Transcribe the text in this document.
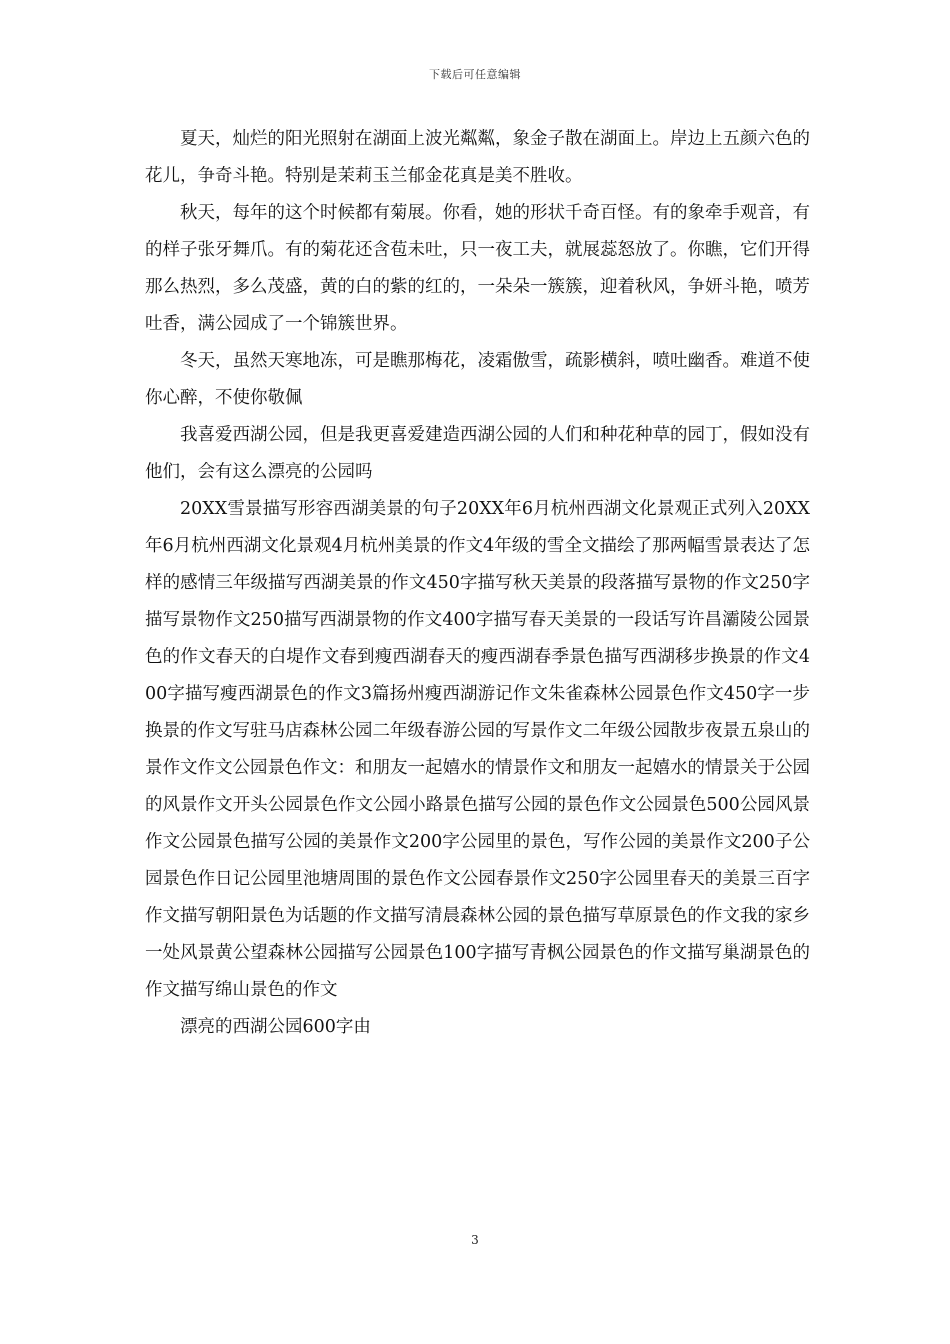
下载后可任意编辑

夏天，灿烂的阳光照射在湖面上波光粼粼，象金子散在湖面上。岸边上五颜六色的花儿，争奇斗艳。特别是茉莉玉兰郁金花真是美不胜收。

秋天，每年的这个时候都有菊展。你看，她的形状千奇百怪。有的象牵手观音，有的样子张牙舞爪。有的菊花还含苞未吐，只一夜工夫，就展蕊怒放了。你瞧，它们开得那么热烈，多么茂盛，黄的白的紫的红的，一朵朵一簇簇，迎着秋风，争妍斗艳，喷芳吐香，满公园成了一个锦簇世界。

冬天，虽然天寒地冻，可是瞧那梅花，凌霜傲雪，疏影横斜，喷吐幽香。难道不使你心醉，不使你敬佩

我喜爱西湖公园，但是我更喜爱建造西湖公园的人们和种花种草的园丁，假如没有他们，会有这么漂亮的公园吗

20XX雪景描写形容西湖美景的句子20XX年6月杭州西湖文化景观正式列入20XX年6月杭州西湖文化景观4月杭州美景的作文4年级的雪全文描绘了那两幅雪景表达了怎样的感情三年级描写西湖美景的作文450字描写秋天美景的段落描写景物的作文250字描写景物作文250描写西湖景物的作文400字描写春天美景的一段话写许昌灞陵公园景色的作文春天的白堤作文春到瘦西湖春天的瘦西湖春季景色描写西湖移步换景的作文400字描写瘦西湖景色的作文3篇扬州瘦西湖游记作文朱雀森林公园景色作文450字一步换景的作文写驻马店森林公园二年级春游公园的写景作文二年级公园散步夜景五泉山的景作文作文公园景色作文：和朋友一起嬉水的情景作文和朋友一起嬉水的情景关于公园的风景作文开头公园景色作文公园小路景色描写公园的景色作文公园景色500公园风景作文公园景色描写公园的美景作文200字公园里的景色，写作公园的美景作文200子公园景色作日记公园里池塘周围的景色作文公园春景作文250字公园里春天的美景三百字作文描写朝阳景色为话题的作文描写清晨森林公园的景色描写草原景色的作文我的家乡一处风景黄公望森林公园描写公园景色100字描写青枫公园景色的作文描写巢湖景色的作文描写绵山景色的作文

漂亮的西湖公园600字由

3
